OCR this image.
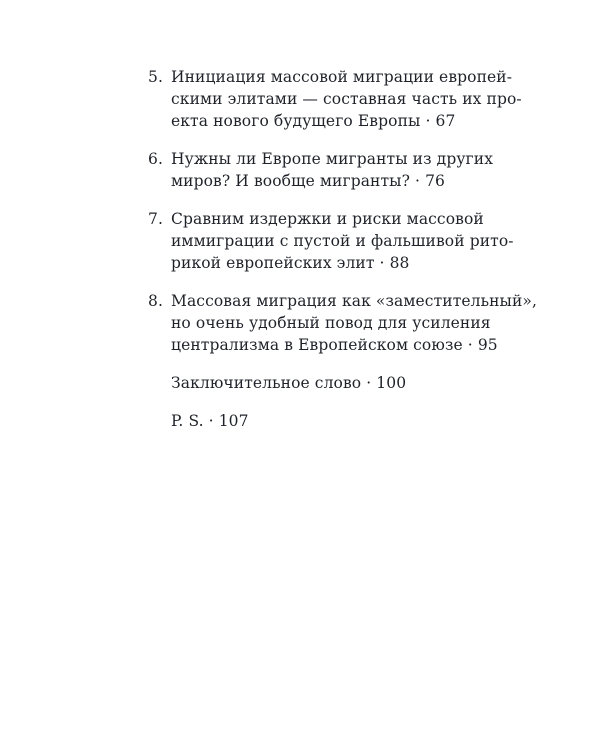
5. Инициация массовой миграции европей-
скими элитами — составная часть их про-
екта нового будущего Европы · 67
6. Нужны ли Европе мигранты из других
миров? И вообще мигранты? · 76
7. Сравним издержки и риски массовой
иммиграции с пустой и фальшивой рито-
рикой европейских элит · 88
8. Массовая миграция как «заместительный»,
но очень удобный повод для усиления
централизма в Европейском союзе · 95
Заключительное слово · 100
P. S. · 107
